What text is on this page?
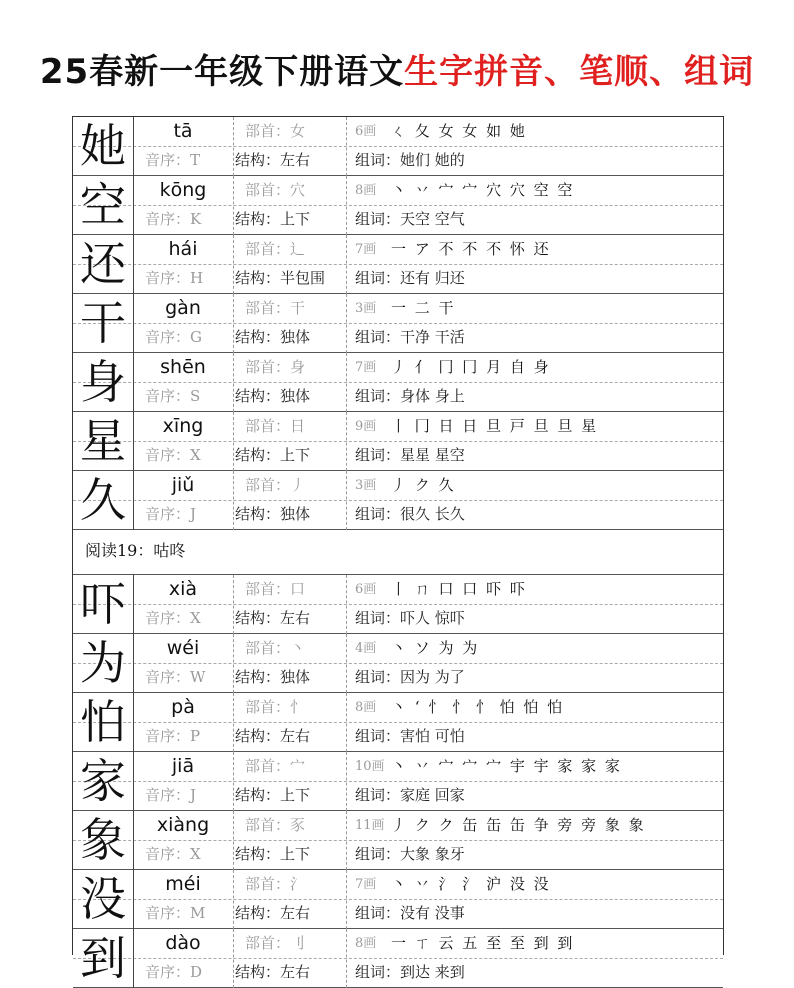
25春新一年级下册语文生字拼音、笔顺、组词
她	tā	部首：女	6画 ㄑ 夂 女 女 如 她
音序：T	结构：左右	组词：她们 她的
空	kōng	部首：穴	8画 丶 丷 宀 宀 穴 穴 空 空
音序：K	结构：上下	组词：天空 空气
还	hái	部首：辶	7画 一 ア 不 不 不 怀 还
音序：H	结构：半包围	组词：还有 归还
干	gàn	部首：干	3画 一 二 干
音序：G	结构：独体	组词：干净 干活
身	shēn	部首：身	7画 丿 亻 冂 冂 月 自 身
音序：S	结构：独体	组词：身体 身上
星	xīng	部首：日	9画 丨 冂 日 日 旦 戸 旦 旦 星
音序：X	结构：上下	组词：星星 星空
久	jiǔ	部首：丿	3画 丿 ク 久
音序：J	结构：独体	组词：很久 长久
阅读19：咕咚
吓	xià	部首：口	6画 丨 ㄇ 口 口 吓 吓
音序：X	结构：左右	组词：吓人 惊吓
为	wéi	部首：丶	4画 丶 ソ 为 为
音序：W	结构：独体	组词：因为 为了
怕	pà	部首：忄	8画 丶 ‘ 忄 忄 忄 怕 怕 怕
音序：P	结构：左右	组词：害怕 可怕
家	jiā	部首：宀	10画 丶 丷 宀 宀 宀 宇 宇 家 家 家
音序：J	结构：上下	组词：家庭 回家
象	xiàng	部首：豕	11画 丿 ク ク 缶 缶 缶 争 旁 旁 象 象
音序：X	结构：上下	组词：大象 象牙
没	méi	部首：氵	7画 丶 丷 氵 氵 沪 没 没
音序：M	结构：左右	组词：没有 没事
到	dào	部首：刂	8画 一 ㄒ 云 五 至 至 到 到
音序：D	结构：左右	组词：到达 来到
